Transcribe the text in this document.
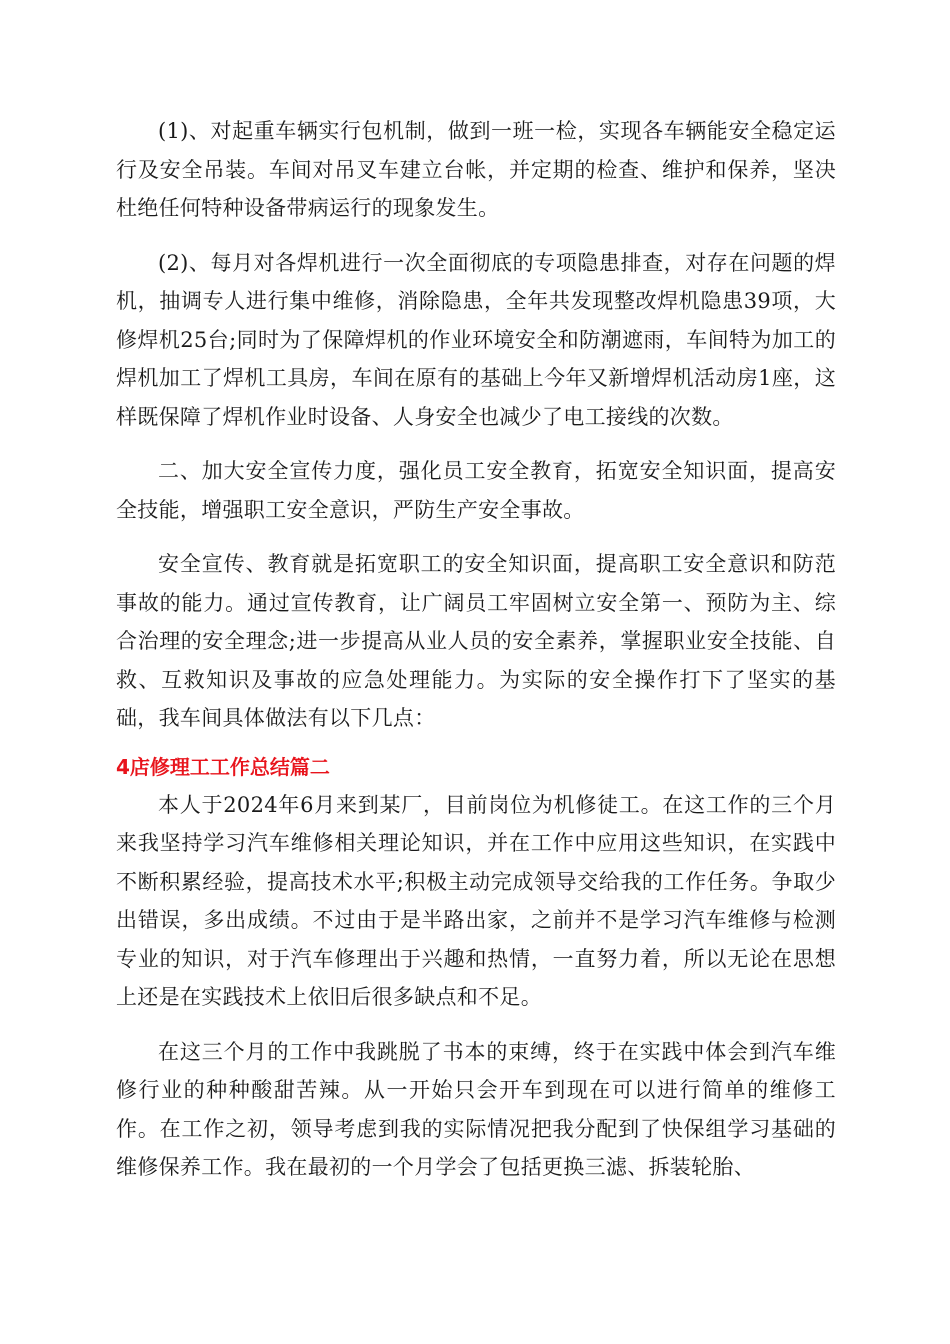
(1)、对起重车辆实行包机制，做到一班一检，实现各车辆能安全稳定运行及安全吊装。车间对吊叉车建立台帐，并定期的检查、维护和保养，坚决杜绝任何特种设备带病运行的现象发生。

(2)、每月对各焊机进行一次全面彻底的专项隐患排查，对存在问题的焊机，抽调专人进行集中维修，消除隐患，全年共发现整改焊机隐患39项，大修焊机25台;同时为了保障焊机的作业环境安全和防潮遮雨，车间特为加工的焊机加工了焊机工具房，车间在原有的基础上今年又新增焊机活动房1座，这样既保障了焊机作业时设备、人身安全也减少了电工接线的次数。

二、加大安全宣传力度，强化员工安全教育，拓宽安全知识面，提高安全技能，增强职工安全意识，严防生产安全事故。

安全宣传、教育就是拓宽职工的安全知识面，提高职工安全意识和防范事故的能力。通过宣传教育，让广阔员工牢固树立安全第一、预防为主、综合治理的安全理念;进一步提高从业人员的安全素养，掌握职业安全技能、自救、互救知识及事故的应急处理能力。为实际的安全操作打下了坚实的基础，我车间具体做法有以下几点：

4店修理工工作总结篇二

本人于2024年6月来到某厂，目前岗位为机修徒工。在这工作的三个月来我坚持学习汽车维修相关理论知识，并在工作中应用这些知识，在实践中不断积累经验，提高技术水平;积极主动完成领导交给我的工作任务。争取少出错误，多出成绩。不过由于是半路出家，之前并不是学习汽车维修与检测专业的知识，对于汽车修理出于兴趣和热情，一直努力着，所以无论在思想上还是在实践技术上依旧后很多缺点和不足。

在这三个月的工作中我跳脱了书本的束缚，终于在实践中体会到汽车维修行业的种种酸甜苦辣。从一开始只会开车到现在可以进行简单的维修工作。在工作之初，领导考虑到我的实际情况把我分配到了快保组学习基础的维修保养工作。我在最初的一个月学会了包括更换三滤、拆装轮胎、
